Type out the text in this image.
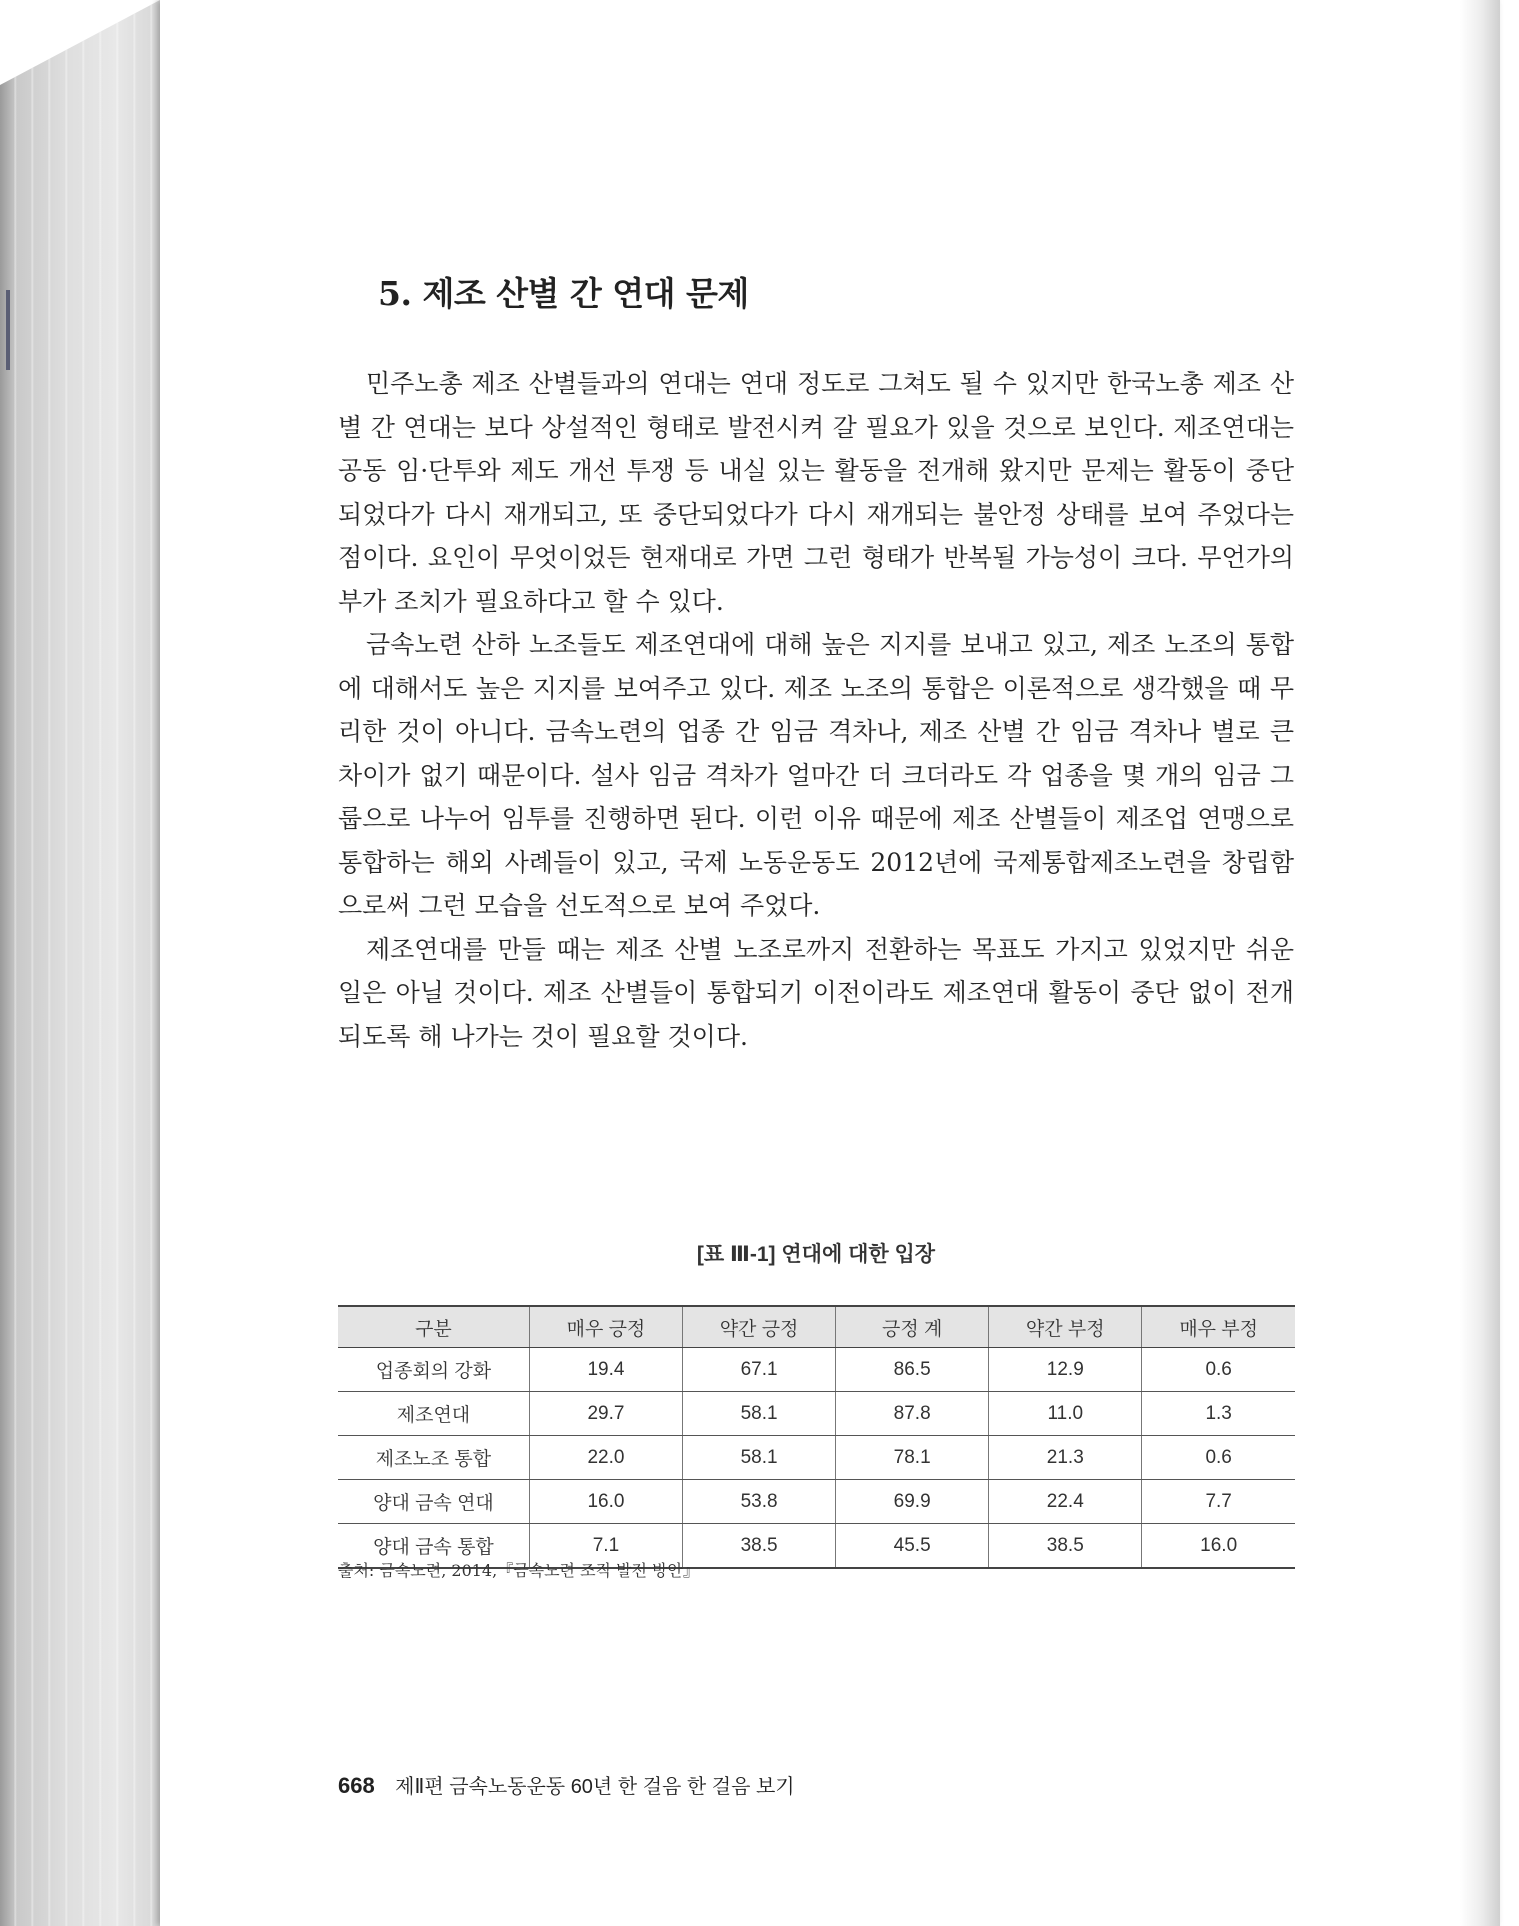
5. 제조 산별 간 연대 문제

민주노총 제조 산별들과의 연대는 연대 정도로 그쳐도 될 수 있지만 한국노총 제조 산별 간 연대는 보다 상설적인 형태로 발전시켜 갈 필요가 있을 것으로 보인다. 제조연대는 공동 임·단투와 제도 개선 투쟁 등 내실 있는 활동을 전개해 왔지만 문제는 활동이 중단되었다가 다시 재개되고, 또 중단되었다가 다시 재개되는 불안정 상태를 보여 주었다는 점이다. 요인이 무엇이었든 현재대로 가면 그런 형태가 반복될 가능성이 크다. 무언가의 부가 조치가 필요하다고 할 수 있다.

금속노련 산하 노조들도 제조연대에 대해 높은 지지를 보내고 있고, 제조 노조의 통합에 대해서도 높은 지지를 보여주고 있다. 제조 노조의 통합은 이론적으로 생각했을 때 무리한 것이 아니다. 금속노련의 업종 간 임금 격차나, 제조 산별 간 임금 격차나 별로 큰 차이가 없기 때문이다. 설사 임금 격차가 얼마간 더 크더라도 각 업종을 몇 개의 임금 그룹으로 나누어 임투를 진행하면 된다. 이런 이유 때문에 제조 산별들이 제조업 연맹으로 통합하는 해외 사례들이 있고, 국제 노동운동도 2012년에 국제통합제조노련을 창립함으로써 그런 모습을 선도적으로 보여 주었다.

제조연대를 만들 때는 제조 산별 노조로까지 전환하는 목표도 가지고 있었지만 쉬운 일은 아닐 것이다. 제조 산별들이 통합되기 이전이라도 제조연대 활동이 중단 없이 전개되도록 해 나가는 것이 필요할 것이다.

[표 Ⅲ-1] 연대에 대한 입장
구분	매우 긍정	약간 긍정	긍정 계	약간 부정	매우 부정
업종회의 강화	19.4	67.1	86.5	12.9	0.6
제조연대	29.7	58.1	87.8	11.0	1.3
제조노조 통합	22.0	58.1	78.1	21.3	0.6
양대 금속 연대	16.0	53.8	69.9	22.4	7.7
양대 금속 통합	7.1	38.5	45.5	38.5	16.0
출처: 금속노련, 2014,『금속노련 조직 발전 방안』
668 제Ⅱ편 금속노동운동 60년 한 걸음 한 걸음 보기
